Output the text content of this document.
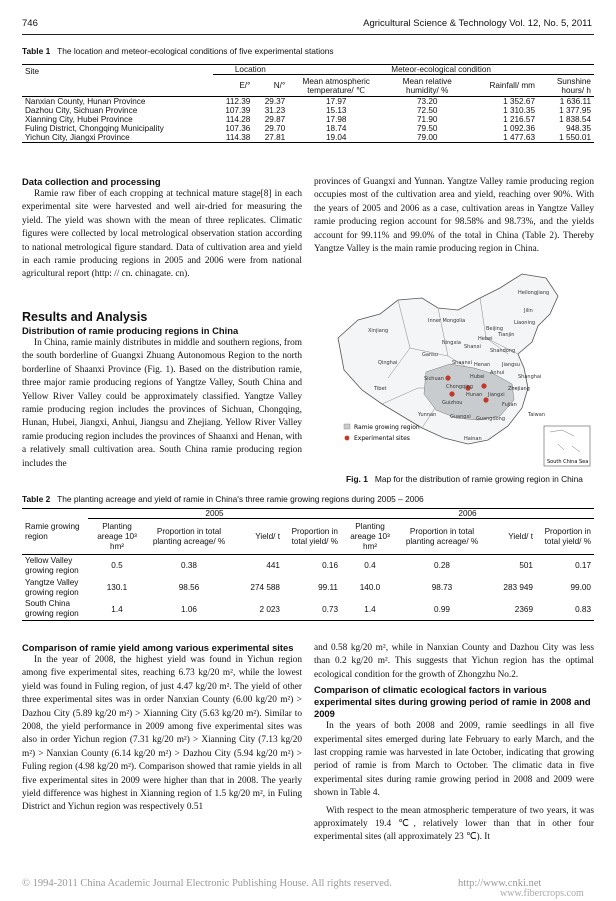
746	Agricultural Science & Technology Vol. 12, No. 5, 2011
Table 1 The location and meteor-ecological conditions of five experimental stations
Site	Location		Meteor-ecological condition			
	E/°	N/°	Mean atmospheric temperature/ ℃	Mean relative humidity/ %	Rainfall/ mm	Sunshine hours/ h
Nanxian County, Hunan Province	112.39	29.37	17.97	73.20	1 352.67	1 636.11
Dazhou City, Sichuan Province	107.39	31.23	15.13	72.50	1 310.35	1 377.95
Xianning City, Hubei Province	114.28	29.87	17.98	71.90	1 216.57	1 838.54
Fuling District, Chongqing Municipality	107.36	29.70	18.74	79.50	1 092.36	948.35
Yichun City, Jiangxi Province	114.38	27.81	19.04	79.00	1 477.63	1 550.01
Data collection and processing

Ramie raw fiber of each cropping at technical mature stage[8] in each experimental site were harvested and well air-dried for measuring the yield. The yield was shown with the mean of three replicates. Climatic figures were collected by local metrological observation station according to national metrological figure standard. Data of cultivation area and yield in each ramie producing regions in 2005 and 2006 were from national agricultural report (http: // cn. chinagate. cn).

Results and Analysis
Distribution of ramie producing regions in China

In China, ramie mainly distributes in middle and southern regions, from the south borderline of Guangxi Zhuang Autonomous Region to the north borderline of Shaanxi Province (Fig. 1). Based on the distribution ramie, three major ramie producing regions of Yangtze Valley, South China and Yellow River Valley could be approximately classified. Yangtze Valley ramie producing region includes the provinces of Sichuan, Chongqing, Hunan, Hubei, Jiangxi, Anhui, Jiangsu and Zhejiang. Yellow River Valley ramie producing region includes the provinces of Shaanxi and Henan, with a relatively small cultivation area. South China ramie producing region includes the

provinces of Guangxi and Yunnan. Yangtze Valley ramie producing region occupies most of the cultivation area and yield, reaching over 90%. With the years of 2005 and 2006 as a case, cultivation areas in Yangtze Valley ramie producing region account for 98.58% and 98.73%, and the yields account for 99.11% and 99.0% of the total in China (Table 2). Thereby Yangtze Valley is the main ramie producing region in China.

Heilongjiang
Jilin
Liaoning
Beijing
Inner Mongolia
Xinjiang
Hebei
Tianjin
Shanxi
Shandong
Ningxia
Qinghai
Gansu
Shaanxi Henan Jiangsu
Anhui
Shanghai
Hubei
Sichuan
Tibet	Chongqing	Zhejiang
Hunan Jiangxi
Guizhou	Fujian
Yunnan	Guangxi Guangdong
Taiwan
Hainan
Ramie growing region
Experimental sites
South China Sea
Fig. 1 Map for the distribution of ramie growing region in China
Table 2 The planting acreage and yield of ramie in China's three ramie growing regions during 2005 – 2006
Ramie growing region	2005				2006			
	Planting areage 10³ hm²	Proportion in total planting acreage/ %	Yield/ t	Proportion in total yield/ %	Planting areage 10³ hm²	Proportion in total planting acreage/ %	Yield/ t	Proportion in total yield/ %
Yellow Valley growing region	0.5	0.38	441	0.16	0.4	0.28	501	0.17
Yangtze Valley growing region	130.1	98.56	274 588	99.11	140.0	98.73	283 949	99.00
South China growing region	1.4	1.06	2 023	0.73	1.4	0.99	2369	0.83
Comparison of ramie yield among various experimental sites

In the year of 2008, the highest yield was found in Yichun region among five experimental sites, reaching 6.73 kg/20 m², while the lowest yield was found in Fuling region, of just 4.47 kg/20 m². The yield of other three experimental sites was in order Nanxian County (6.00 kg/20 m²) > Dazhou City (5.89 kg/20 m²) > Xianning City (5.63 kg/20 m²). Similar to 2008, the yield performance in 2009 among five experimental sites was also in order Yichun region (7.31 kg/20 m²) > Xianning City (7.13 kg/20 m²) > Nanxian County (6.14 kg/20 m²) > Dazhou City (5.94 kg/20 m²) > Fuling region (4.98 kg/20 m²). Comparison showed that ramie yields in all five experimental sites in 2009 were higher than that in 2008. The yearly yield difference was highest in Xianning region of 1.5 kg/20 m², in Fuling District and Yichun region was respectively 0.51

and 0.58 kg/20 m², while in Nanxian County and Dazhou City was less than 0.2 kg/20 m². This suggests that Yichun region has the optimal ecological condition for the growth of Zhongzhu No.2.

Comparison of climatic ecological factors in various experimental sites during growing period of ramie in 2008 and 2009

In the years of both 2008 and 2009, ramie seedlings in all five experimental sites emerged during late February to early March, and the last cropping ramie was harvested in late October, indicating that growing period of ramie is from March to October. The climatic data in five experimental sites during ramie growing period in 2008 and 2009 were shown in Table 4.

With respect to the mean atmospheric temperature of two years, it was approximately 19.4 ℃, relatively lower than that in other four experimental sites (all approximately 23 ℃). It

© 1994-2011 China Academic Journal Electronic Publishing House. All rights reserved.	http://www.cnki.net
www.fibercrops.com
